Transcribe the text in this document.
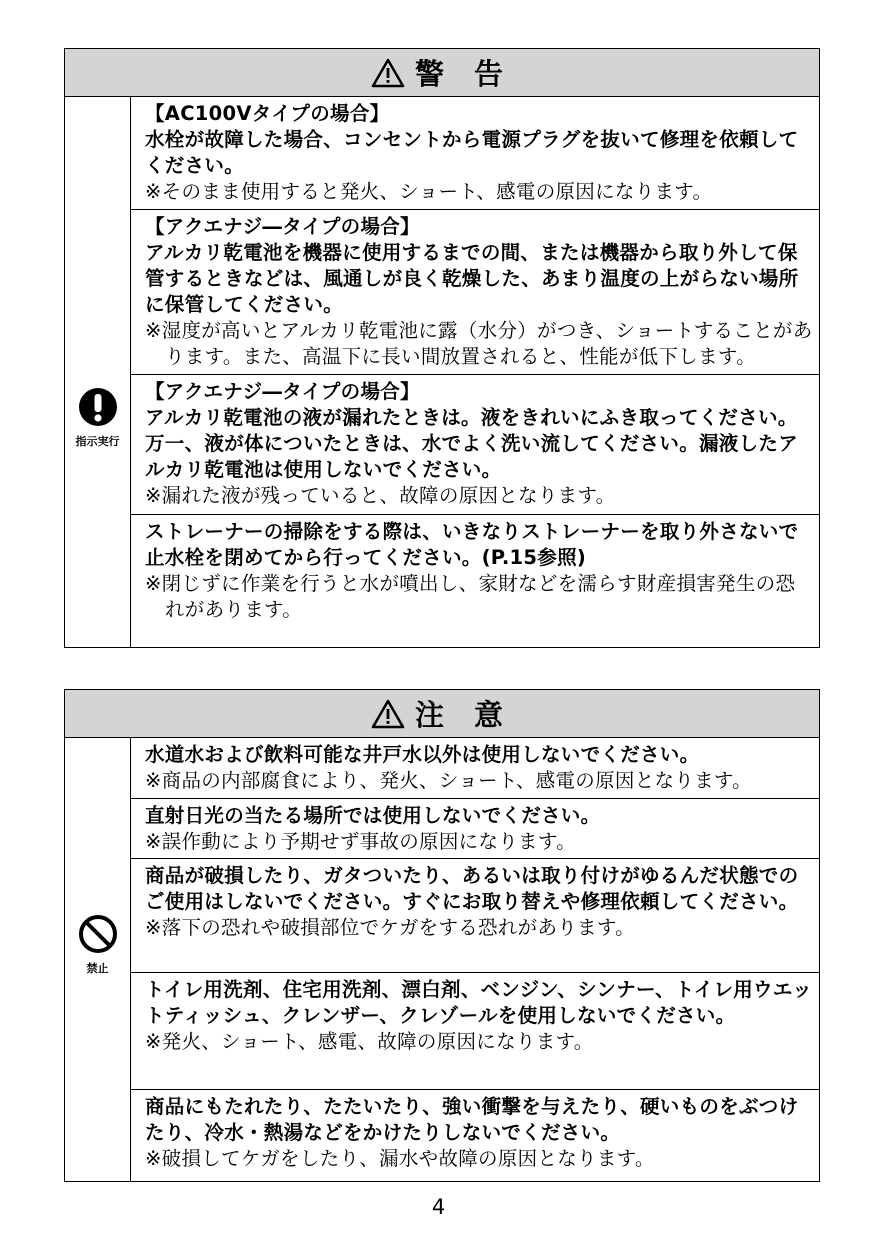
警 告
指示実行

【AC100Vタイプの場合】

水栓が故障した場合、コンセントから電源プラグを抜いて修理を依頼してください。

※そのまま使用すると発火、ショート、感電の原因になります。

【アクエナジ―タイプの場合】

アルカリ乾電池を機器に使用するまでの間、または機器から取り外して保管するときなどは、風通しが良く乾燥した、あまり温度の上がらない場所に保管してください。

※湿度が高いとアルカリ乾電池に露（水分）がつき、ショートすることがあります。また、高温下に長い間放置されると、性能が低下します。

【アクエナジ―タイプの場合】

アルカリ乾電池の液が漏れたときは。液をきれいにふき取ってください。万一、液が体についたときは、水でよく洗い流してください。漏液したアルカリ乾電池は使用しないでください。

※漏れた液が残っていると、故障の原因となります。

ストレーナーの掃除をする際は、いきなりストレーナーを取り外さないで止水栓を閉めてから行ってください。(P.15参照)

※閉じずに作業を行うと水が噴出し、家財などを濡らす財産損害発生の恐れがあります。

注 意
禁止

水道水および飲料可能な井戸水以外は使用しないでください。

※商品の内部腐食により、発火、ショート、感電の原因となります。

直射日光の当たる場所では使用しないでください。

※誤作動により予期せず事故の原因になります。

商品が破損したり、ガタついたり、あるいは取り付けがゆるんだ状態でのご使用はしないでください。すぐにお取り替えや修理依頼してください。

※落下の恐れや破損部位でケガをする恐れがあります。

トイレ用洗剤、住宅用洗剤、漂白剤、ベンジン、シンナー、トイレ用ウエットティッシュ、クレンザー、クレゾールを使用しないでください。

※発火、ショート、感電、故障の原因になります。

商品にもたれたり、たたいたり、強い衝撃を与えたり、硬いものをぶつけたり、冷水・熱湯などをかけたりしないでください。

※破損してケガをしたり、漏水や故障の原因となります。

4
